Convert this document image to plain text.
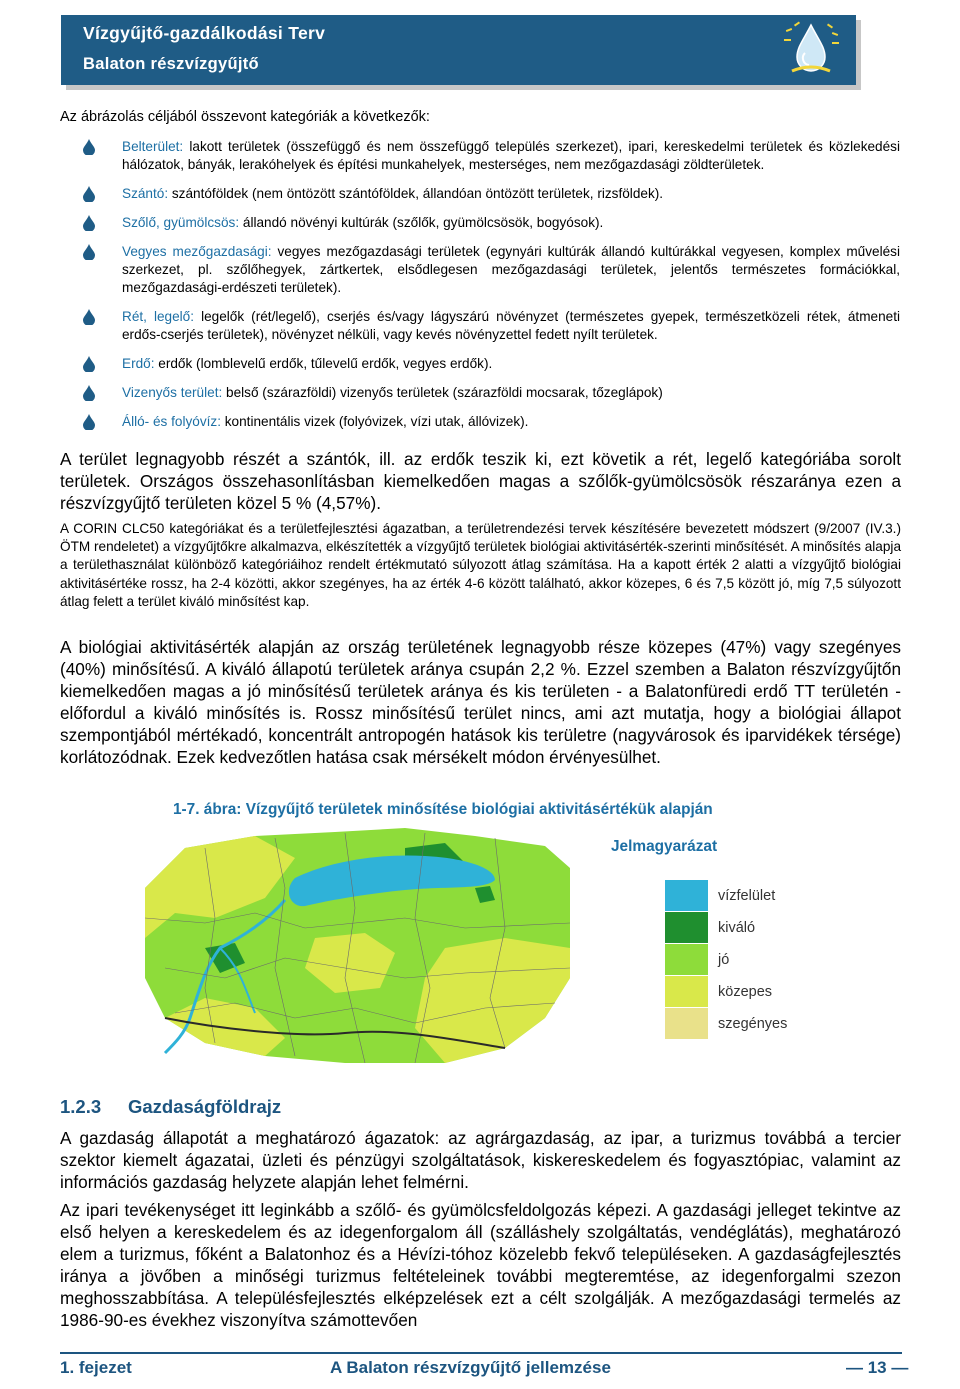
Vízgyűjtő-gazdálkodási Terv
Balaton részvízgyűjtő
Az ábrázolás céljából összevont kategóriák a következők:
Belterület: lakott területek (összefüggő és nem összefüggő település szerkezet), ipari, kereskedelmi területek és közlekedési hálózatok, bányák, lerakóhelyek és építési munkahelyek, mesterséges, nem mezőgazdasági zöldterületek.
Szántó: szántóföldek (nem öntözött szántóföldek, állandóan öntözött területek, rizsföldek).
Szőlő, gyümölcsös: állandó növényi kultúrák (szőlők, gyümölcsösök, bogyósok).
Vegyes mezőgazdasági: vegyes mezőgazdasági területek (egynyári kultúrák állandó kultúrákkal vegyesen, komplex művelési szerkezet, pl. szőlőhegyek, zártkertek, elsődlegesen mezőgazdasági területek, jelentős természetes formációkkal, mezőgazdasági-erdészeti területek).
Rét, legelő: legelők (rét/legelő), cserjés és/vagy lágyszárú növényzet (természetes gyepek, természetközeli rétek, átmeneti erdős-cserjés területek), növényzet nélküli, vagy kevés növényzettel fedett nyílt területek.
Erdő: erdők (lomblevelű erdők, tűlevelű erdők, vegyes erdők).
Vizenyős terület: belső (szárazföldi) vizenyős területek (szárazföldi mocsarak, tőzeglápok)
Álló- és folyóvíz: kontinentális vizek (folyóvizek, vízi utak, állóvizek).

A terület legnagyobb részét a szántók, ill. az erdők teszik ki, ezt követik a rét, legelő kategóriába sorolt területek. Országos összehasonlításban kiemelkedően magas a szőlők-gyümölcsösök részaránya ezen a részvízgyűjtő területen közel 5 % (4,57%).

A CORIN CLC50 kategóriákat és a területfejlesztési ágazatban, a területrendezési tervek készítésére bevezetett módszert (9/2007 (IV.3.) ÖTM rendeletet) a vízgyűjtőkre alkalmazva, elkészítették a vízgyűjtő területek biológiai aktivitásérték-szerinti minősítését. A minősítés alapja a területhasználat különböző kategóriáihoz rendelt értékmutató súlyozott átlag számítása. Ha a kapott érték 2 alatti a vízgyűjtő biológiai aktivitásértéke rossz, ha 2-4 közötti, akkor szegényes, ha az érték 4-6 között található, akkor közepes, 6 és 7,5 között jó, míg 7,5 súlyozott átlag felett a terület kiváló minősítést kap.

A biológiai aktivitásérték alapján az ország területének legnagyobb része közepes (47%) vagy szegényes (40%) minősítésű. A kiváló állapotú területek aránya csupán 2,2 %. Ezzel szemben a Balaton részvízgyűjtőn kiemelkedően magas a jó minősítésű területek aránya és kis területen - a Balatonfüredi erdő TT területén - előfordul a kiváló minősítés is. Rossz minősítésű terület nincs, ami azt mutatja, hogy a biológiai állapot szempontjából mértékadó, koncentrált antropogén hatások kis területre (nagyvárosok és iparvidékek térsége) korlátozódnak. Ezek kedvezőtlen hatása csak mérsékelt módon érvényesülhet.

1-7. ábra: Vízgyűjtő területek minősítése biológiai aktivitásértékük alapján
Jelmagyarázat
vízfelület
kiváló
jó
közepes
szegényes
1.2.3 Gazdaságföldrajz

A gazdaság állapotát a meghatározó ágazatok: az agrárgazdaság, az ipar, a turizmus továbbá a tercier szektor kiemelt ágazatai, üzleti és pénzügyi szolgáltatások, kiskereskedelem és fogyasztópiac, valamint az információs gazdaság helyzete alapján lehet felmérni.

Az ipari tevékenységet itt leginkább a szőlő- és gyümölcsfeldolgozás képezi. A gazdasági jelleget tekintve az első helyen a kereskedelem és az idegenforgalom áll (szálláshely szolgáltatás, vendéglátás), meghatározó elem a turizmus, főként a Balatonhoz és a Hévízi-tóhoz közelebb fekvő településeken. A gazdaságfejlesztés iránya a jövőben a minőségi turizmus feltételeinek további megteremtése, az idegenforgalmi szezon meghosszabbítása. A településfejlesztés elképzelések ezt a célt szolgálják. A mezőgazdasági termelés az 1986-90-es évekhez viszonyítva számottevően

1. fejezet	A Balaton részvízgyűjtő jellemzése	— 13 —
